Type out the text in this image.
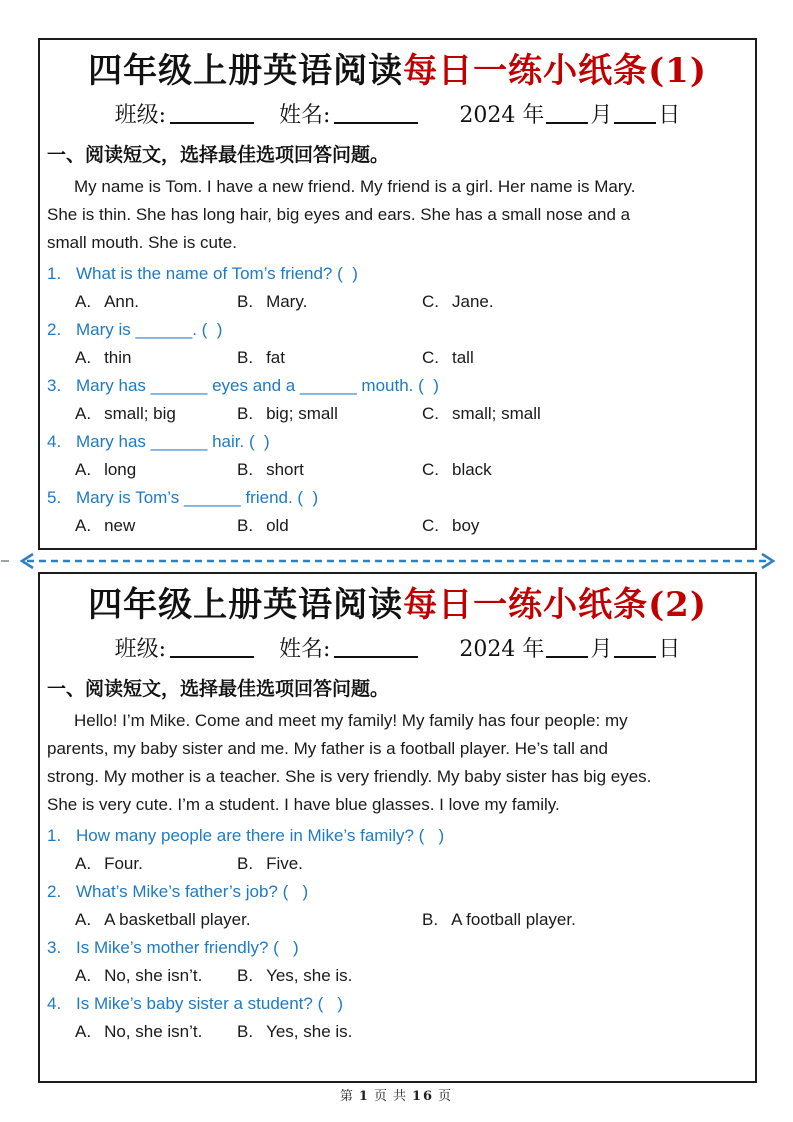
四年级上册英语阅读每日一练小纸条(1)
班级:	姓名:	2024 年 月 日
一、阅读短文，选择最佳选项回答问题。

My name is Tom. I have a new friend. My friend is a girl. Her name is Mary.
She is thin. She has long hair, big eyes and ears. She has a small nose and a
small mouth. She is cute.

1. What is the name of Tom’s friend? (  )
A. Ann.	B. Mary.	C. Jane.
2. Mary is ______. (  )
A. thin	B. fat	C. tall
3. Mary has ______ eyes and a ______ mouth. (  )
A. small; big	B. big; small	C. small; small
4. Mary has ______ hair. (  )
A. long	B. short	C. black
5. Mary is Tom’s ______ friend. (  )
A. new	B. old	C. boy
四年级上册英语阅读每日一练小纸条(2)
班级:	姓名:	2024 年 月 日
一、阅读短文，选择最佳选项回答问题。

Hello! I’m Mike. Come and meet my family! My family has four people: my
parents, my baby sister and me. My father is a football player. He’s tall and
strong. My mother is a teacher. She is very friendly. My baby sister has big eyes.
She is very cute. I’m a student. I have blue glasses. I love my family.

1. How many people are there in Mike’s family? (   )
A. Four.	B. Five.
2. What’s Mike’s father’s job? (   )
A. A basketball player.	B. A football player.
3. Is Mike’s mother friendly? (   )
A. No, she isn’t. B. Yes, she is.
4. Is Mike’s baby sister a student? (   )
A. No, she isn’t. B. Yes, she is.
第 1 页 共 16 页
